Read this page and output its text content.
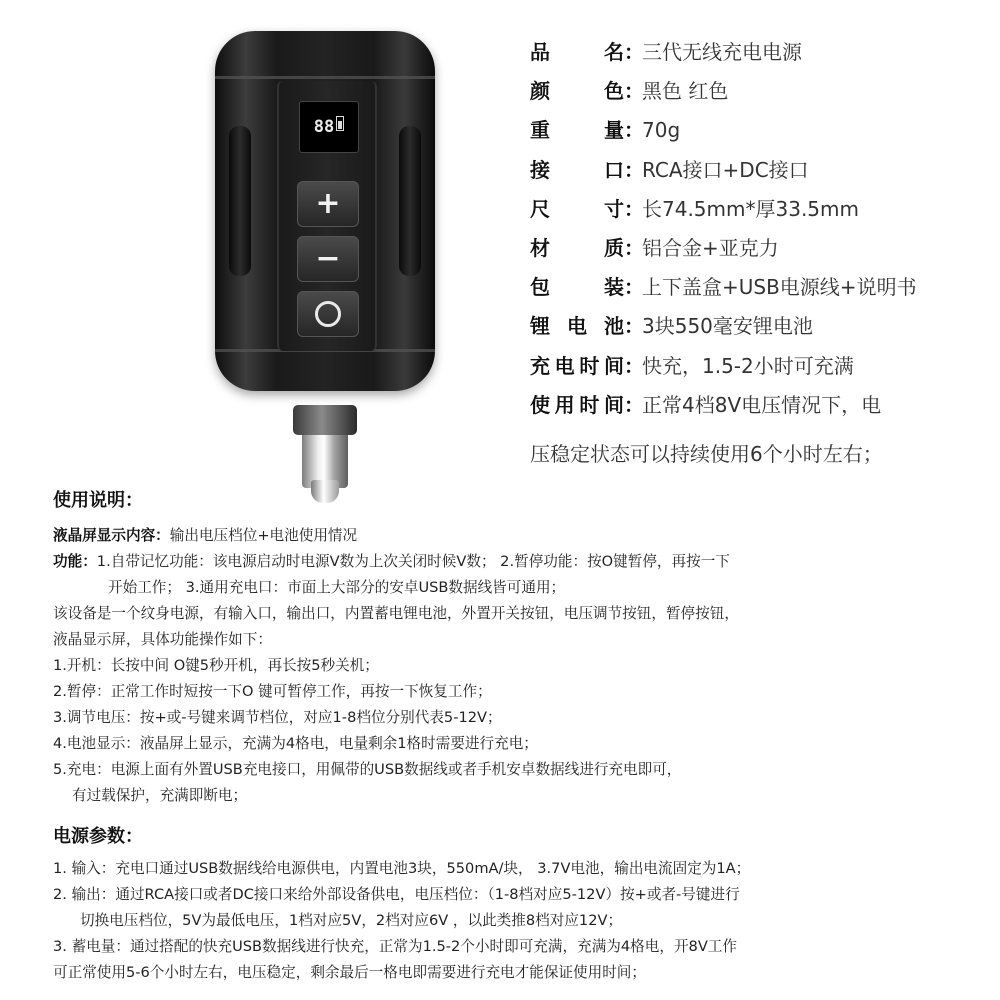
88
+
−
品	名 ：
三代无线充电电源
颜	色 ：
黑色 红色
重	量 ：
70g
接	口 ：
RCA接口+DC接口
尺	寸 ：
长74.5mm*厚33.5mm
材	质 ：
铝合金+亚克力
包	装 ：
上下盖盒+USB电源线+说明书
锂 电 池 ：
3块550毫安锂电池
充 电 时 间 ：
快充，1.5-2小时可充满
使 用 时 间 ：
正常4档8V电压情况下，电
压稳定状态可以持续使用6个小时左右；
使用说明：
液晶屏显示内容：输出电压档位+电池使用情况
功能：1.自带记忆功能：该电源启动时电源V数为上次关闭时候V数； 2.暂停功能：按O键暂停，再按一下
开始工作； 3.通用充电口：市面上大部分的安卓USB数据线皆可通用；
该设备是一个纹身电源，有输入口，输出口，内置蓄电锂电池，外置开关按钮，电压调节按钮，暂停按钮，
液晶显示屏，具体功能操作如下：
1.开机：长按中间 O键5秒开机，再长按5秒关机；
2.暂停：正常工作时短按一下O 键可暂停工作，再按一下恢复工作；
3.调节电压：按+或-号键来调节档位，对应1-8档位分别代表5-12V；
4.电池显示：液晶屏上显示，充满为4格电，电量剩余1格时需要进行充电；
5.充电：电源上面有外置USB充电接口，用佩带的USB数据线或者手机安卓数据线进行充电即可，
有过载保护，充满即断电；
电源参数：
1. 输入：充电口通过USB数据线给电源供电，内置电池3块，550mA/块， 3.7V电池，输出电流固定为1A；
2. 输出：通过RCA接口或者DC接口来给外部设备供电，电压档位：（1-8档对应5-12V）按+或者-号键进行
切换电压档位，5V为最低电压，1档对应5V，2档对应6V ，以此类推8档对应12V；
3. 蓄电量：通过搭配的快充USB数据线进行快充，正常为1.5-2个小时即可充满，充满为4格电，开8V工作
可正常使用5-6个小时左右，电压稳定，剩余最后一格电即需要进行充电才能保证使用时间；
